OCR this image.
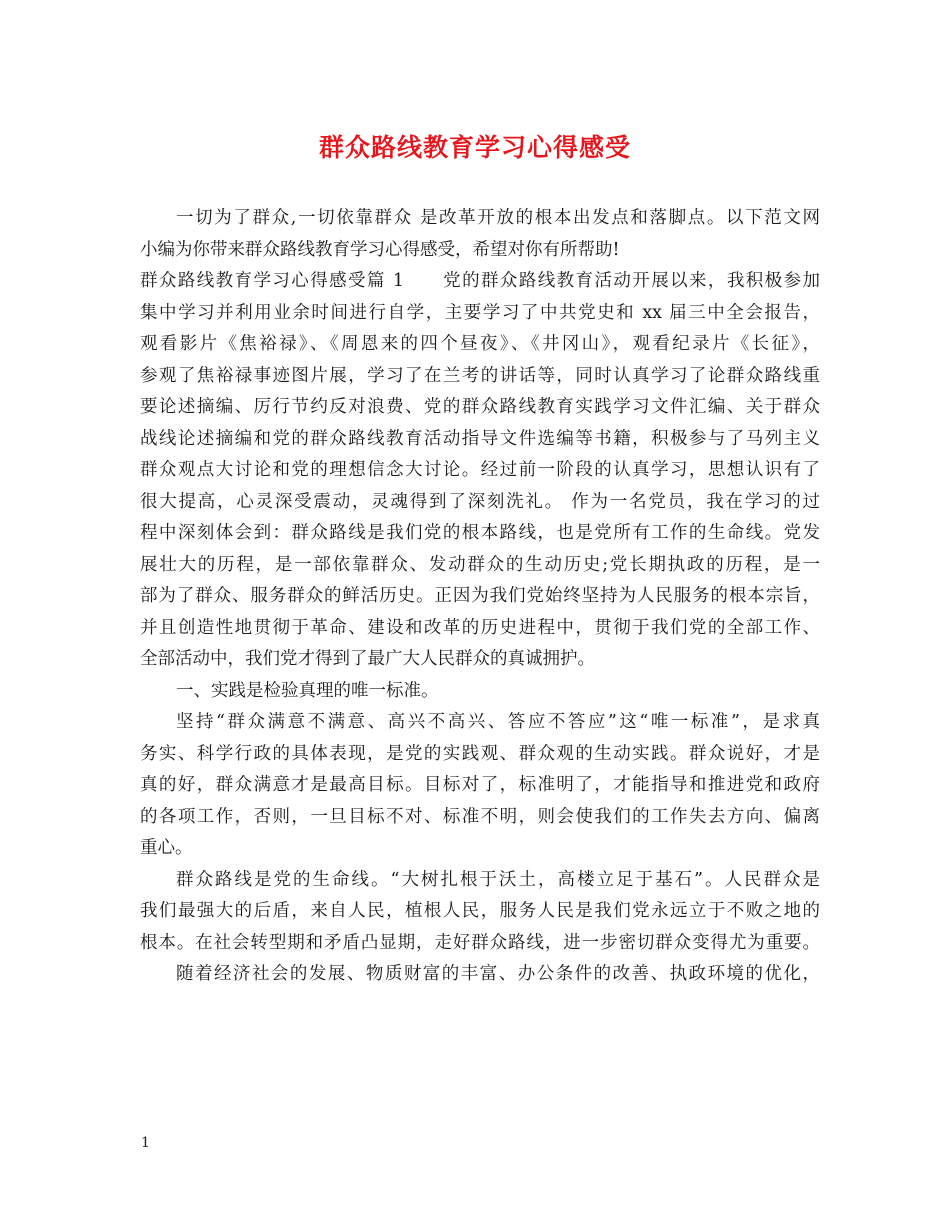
群众路线教育学习心得感受
一切为了群众,一切依靠群众 是改革开放的根本出发点和落脚点。以下范文网
小编为你带来群众路线教育学习心得感受，希望对你有所帮助!
群众路线教育学习心得感受篇 1　　党的群众路线教育活动开展以来，我积极参加
集中学习并利用业余时间进行自学，主要学习了中共党史和 xx 届三中全会报告，
观看影片《焦裕禄》、《周恩来的四个昼夜》、《井冈山》，观看纪录片《长征》，
参观了焦裕禄事迹图片展，学习了在兰考的讲话等，同时认真学习了论群众路线重
要论述摘编、厉行节约反对浪费、党的群众路线教育实践学习文件汇编、关于群众
战线论述摘编和党的群众路线教育活动指导文件选编等书籍，积极参与了马列主义
群众观点大讨论和党的理想信念大讨论。经过前一阶段的认真学习，思想认识有了
很大提高，心灵深受震动，灵魂得到了深刻洗礼。 作为一名党员，我在学习的过
程中深刻体会到：群众路线是我们党的根本路线，也是党所有工作的生命线。党发
展壮大的历程，是一部依靠群众、发动群众的生动历史;党长期执政的历程，是一
部为了群众、服务群众的鲜活历史。正因为我们党始终坚持为人民服务的根本宗旨，
并且创造性地贯彻于革命、建设和改革的历史进程中，贯彻于我们党的全部工作、
全部活动中，我们党才得到了最广大人民群众的真诚拥护。
一、实践是检验真理的唯一标准。
坚持“群众满意不满意、高兴不高兴、答应不答应”这“唯一标准”，是求真
务实、科学行政的具体表现，是党的实践观、群众观的生动实践。群众说好，才是
真的好，群众满意才是最高目标。目标对了，标准明了，才能指导和推进党和政府
的各项工作，否则，一旦目标不对、标准不明，则会使我们的工作失去方向、偏离
重心。
群众路线是党的生命线。“大树扎根于沃土，高楼立足于基石”。人民群众是
我们最强大的后盾，来自人民，植根人民，服务人民是我们党永远立于不败之地的
根本。在社会转型期和矛盾凸显期，走好群众路线，进一步密切群众变得尤为重要。
随着经济社会的发展、物质财富的丰富、办公条件的改善、执政环境的优化，
1
